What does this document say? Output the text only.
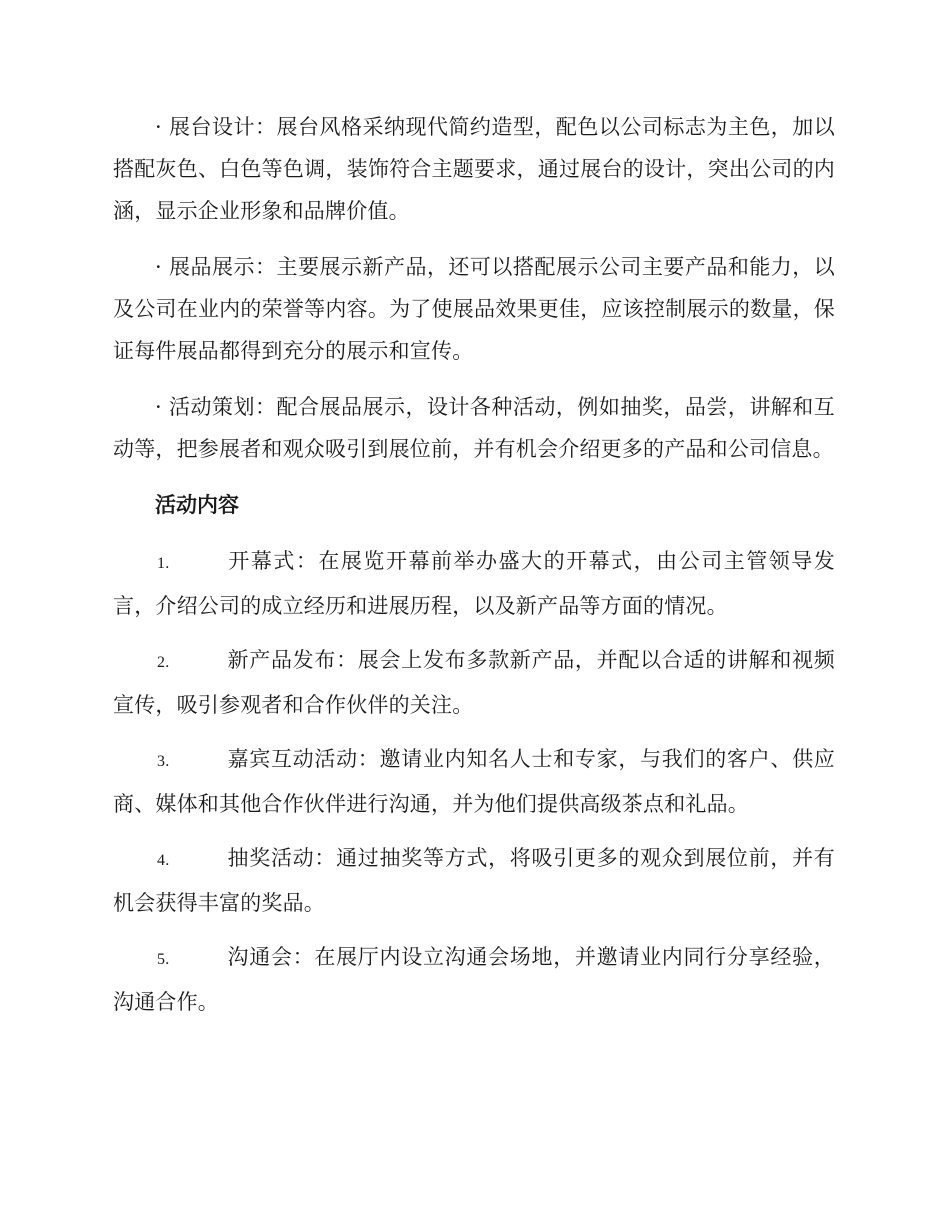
· 展台设计：展台风格采纳现代简约造型，配色以公司标志为主色，加以搭配灰色、白色等色调，装饰符合主题要求，通过展台的设计，突出公司的内涵，显示企业形象和品牌价值。

· 展品展示：主要展示新产品，还可以搭配展示公司主要产品和能力，以及公司在业内的荣誉等内容。为了使展品效果更佳，应该控制展示的数量，保证每件展品都得到充分的展示和宣传。

· 活动策划：配合展品展示，设计各种活动，例如抽奖，品尝，讲解和互动等，把参展者和观众吸引到展位前，并有机会介绍更多的产品和公司信息。

活动内容

1.	开幕式：在展览开幕前举办盛大的开幕式，由公司主管领导发言，介绍公司的成立经历和进展历程，以及新产品等方面的情况。

2.	新产品发布：展会上发布多款新产品，并配以合适的讲解和视频宣传，吸引参观者和合作伙伴的关注。

3.	嘉宾互动活动：邀请业内知名人士和专家，与我们的客户、供应商、媒体和其他合作伙伴进行沟通，并为他们提供高级茶点和礼品。

4.	抽奖活动：通过抽奖等方式，将吸引更多的观众到展位前，并有机会获得丰富的奖品。

5.	沟通会：在展厅内设立沟通会场地，并邀请业内同行分享经验，沟通合作。
